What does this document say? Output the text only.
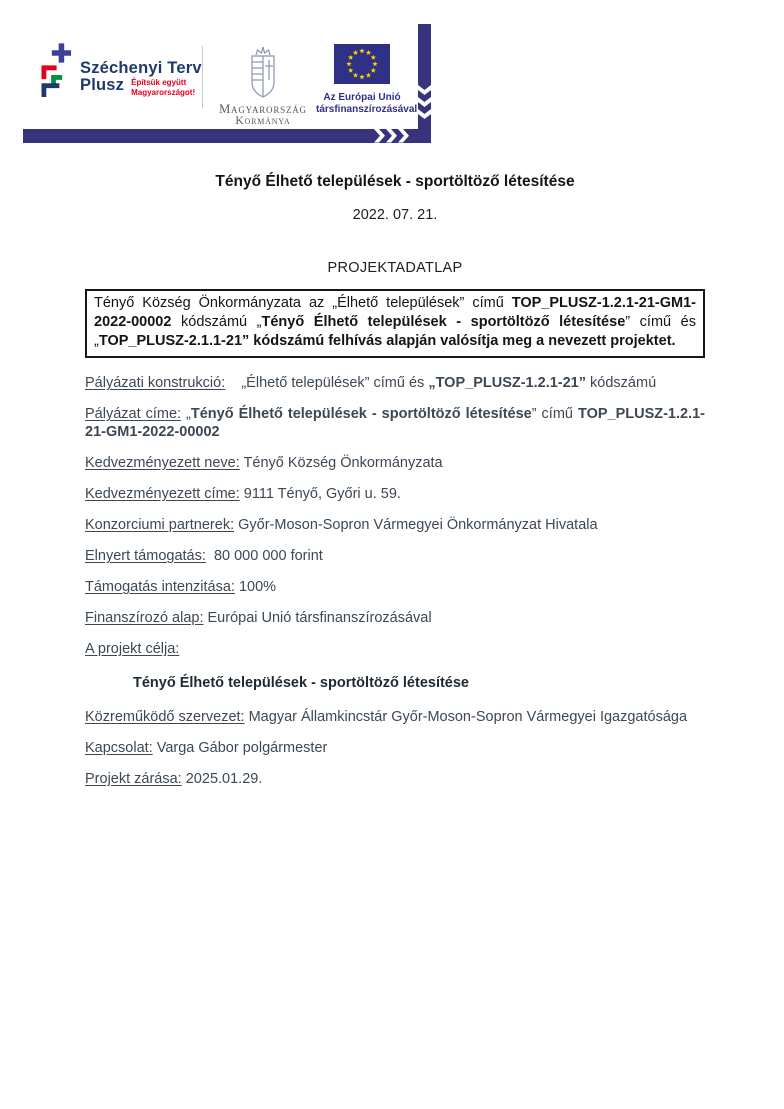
Széchenyi Terv
Plusz Építsük együtt
Magyarországot!
Magyarország
Kormánya
Az Európai Unió
társfinanszírozásával
Tényő Élhető települések - sportöltöző létesítése
2022. 07. 21.
PROJEKTADATLAP
Tényő Község Önkormányzata az „Élhető települések” című TOP_PLUSZ-1.2.1-21-GM1-2022-00002 kódszámú „Tényő Élhető települések - sportöltöző létesítése” című és „TOP_PLUSZ-2.1.1-21” kódszámú felhívás alapján valósítja meg a nevezett projektet.

Pályázati konstrukció:    „Élhető települések” című és „TOP_PLUSZ-1.2.1-21” kódszámú

Pályázat címe: „Tényő Élhető települések - sportöltöző létesítése” című TOP_PLUSZ-1.2.1-21-GM1-2022-00002

Kedvezményezett neve: Tényő Község Önkormányzata

Kedvezményezett címe: 9111 Tényő, Győri u. 59.

Konzorciumi partnerek: Győr-Moson-Sopron Vármegyei Önkormányzat Hivatala

Elnyert támogatás:  80 000 000 forint

Támogatás intenzitása: 100%

Finanszírozó alap: Európai Unió társfinanszírozásával

A projekt célja:

Tényő Élhető települések - sportöltöző létesítése

Közreműködő szervezet: Magyar Államkincstár Győr-Moson-Sopron Vármegyei Igazgatósága

Kapcsolat: Varga Gábor polgármester

Projekt zárása: 2025.01.29.
